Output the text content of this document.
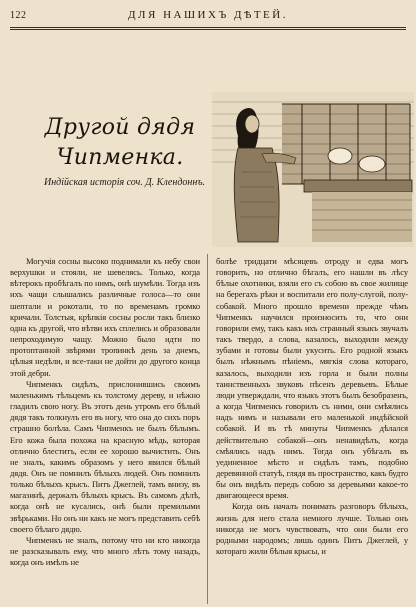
122	ДЛЯ НАШИХЪ ДѢТЕЙ.
Другой дядя
Чипменка.
Индійская исторія соч. Д. Клендоннъ.

Могучія сосны высоко поднимали къ небу свои верхушки и стояли, не шевелясь. Только, когда вѣтерокъ пробѣгалъ по нимъ, онѣ шумѣли. Тогда изъ ихъ чащи слышались различные голоса—то они шептали и рокотали, то по временамъ громко кричали. Толстыя, крѣпкія сосны росли такъ близко одна къ другой, что вѣтви ихъ сплелись и образовали непроходимую чащу. Можно было идти по протоптанной звѣрями тропинкѣ день за днемъ, цѣлыя недѣли, и все-таки не дойти до другого конца этой дебри.

Чипменкъ сидѣлъ, прислонившись своимъ маленькимъ тѣльцемъ къ толстому дереву, и нѣжно гладилъ свою ногу. Въ этотъ день утромъ его бѣлый дядя такъ толкнулъ его въ ногу, что она до сихъ поръ страшно болѣла. Самъ Чипменкъ не былъ бѣлымъ. Его кожа была похожа на красную мѣдь, которая отлично блеститъ, если ее хорошо вычистить. Онъ не зналъ, какимъ образомъ у него явился бѣлый дядя. Онъ не помнилъ бѣлыхъ людей. Онъ помнилъ только бѣлыхъ крысъ. Питъ Джеглей, тамъ внизу, въ магазинѣ, держалъ бѣлыхъ крысъ. Въ самомъ дѣлѣ, когда онѣ не кусались, онѣ были премилыми звѣрьками. Но онъ ни какъ не могъ представить себѣ своего бѣлаго дядю.

Чипменкъ не зналъ, потому что ни кто никогда не разсказывалъ ему, что много лѣтъ тому назадъ, когда онъ имѣлъ не

болѣе тридцати мѣсяцевъ отроду и едва могъ говорить, но отлично бѣгалъ, его нашли въ лѣсу бѣлые охотники, взяли его съ собою въ свое жилище на берегахъ рѣки и воспитали его полу-слугой, полу-собакой. Много прошло времени прежде чѣмъ Чипменкъ научился произносить то, что они говорили ему, такъ какъ ихъ странный языкъ звучалъ такъ твердо, а слова, казалось, выходили между зубами и готовы были укусить. Его родной языкъ былъ нѣжнымъ пѣнiемъ, мягкiя слова котораго, казалось, выходили изъ горла и были полны таинственныхъ звуковъ пѣсенъ деревьевъ. Бѣлые люди утверждали, что языкъ этотъ былъ безобразенъ, а когда Чипменкъ говорилъ съ ними, они смѣялись надъ нимъ и называли его маленькой индѣйской собакой. И въ тѣ минуты Чипменкъ дѣлался действительно собакой—онъ ненавидѣлъ, когда смѣялись надъ нимъ. Тогда онъ убѣгалъ въ уединенное мѣсто и сидѣлъ тамъ, подобно деревянной статуѣ, глядя въ пространство, какъ будто бы онъ видѣлъ передъ собою за деревьями какое-то двигающееся время.

Когда онъ началъ понимать разговоръ бѣлыхъ, жизнь для него стала немного лучше. Только онъ никогда не могъ чувствовать, что они были его родными народомъ; лишь одинъ Питъ Джеглей, у котораго жили бѣлыя крысы, и
